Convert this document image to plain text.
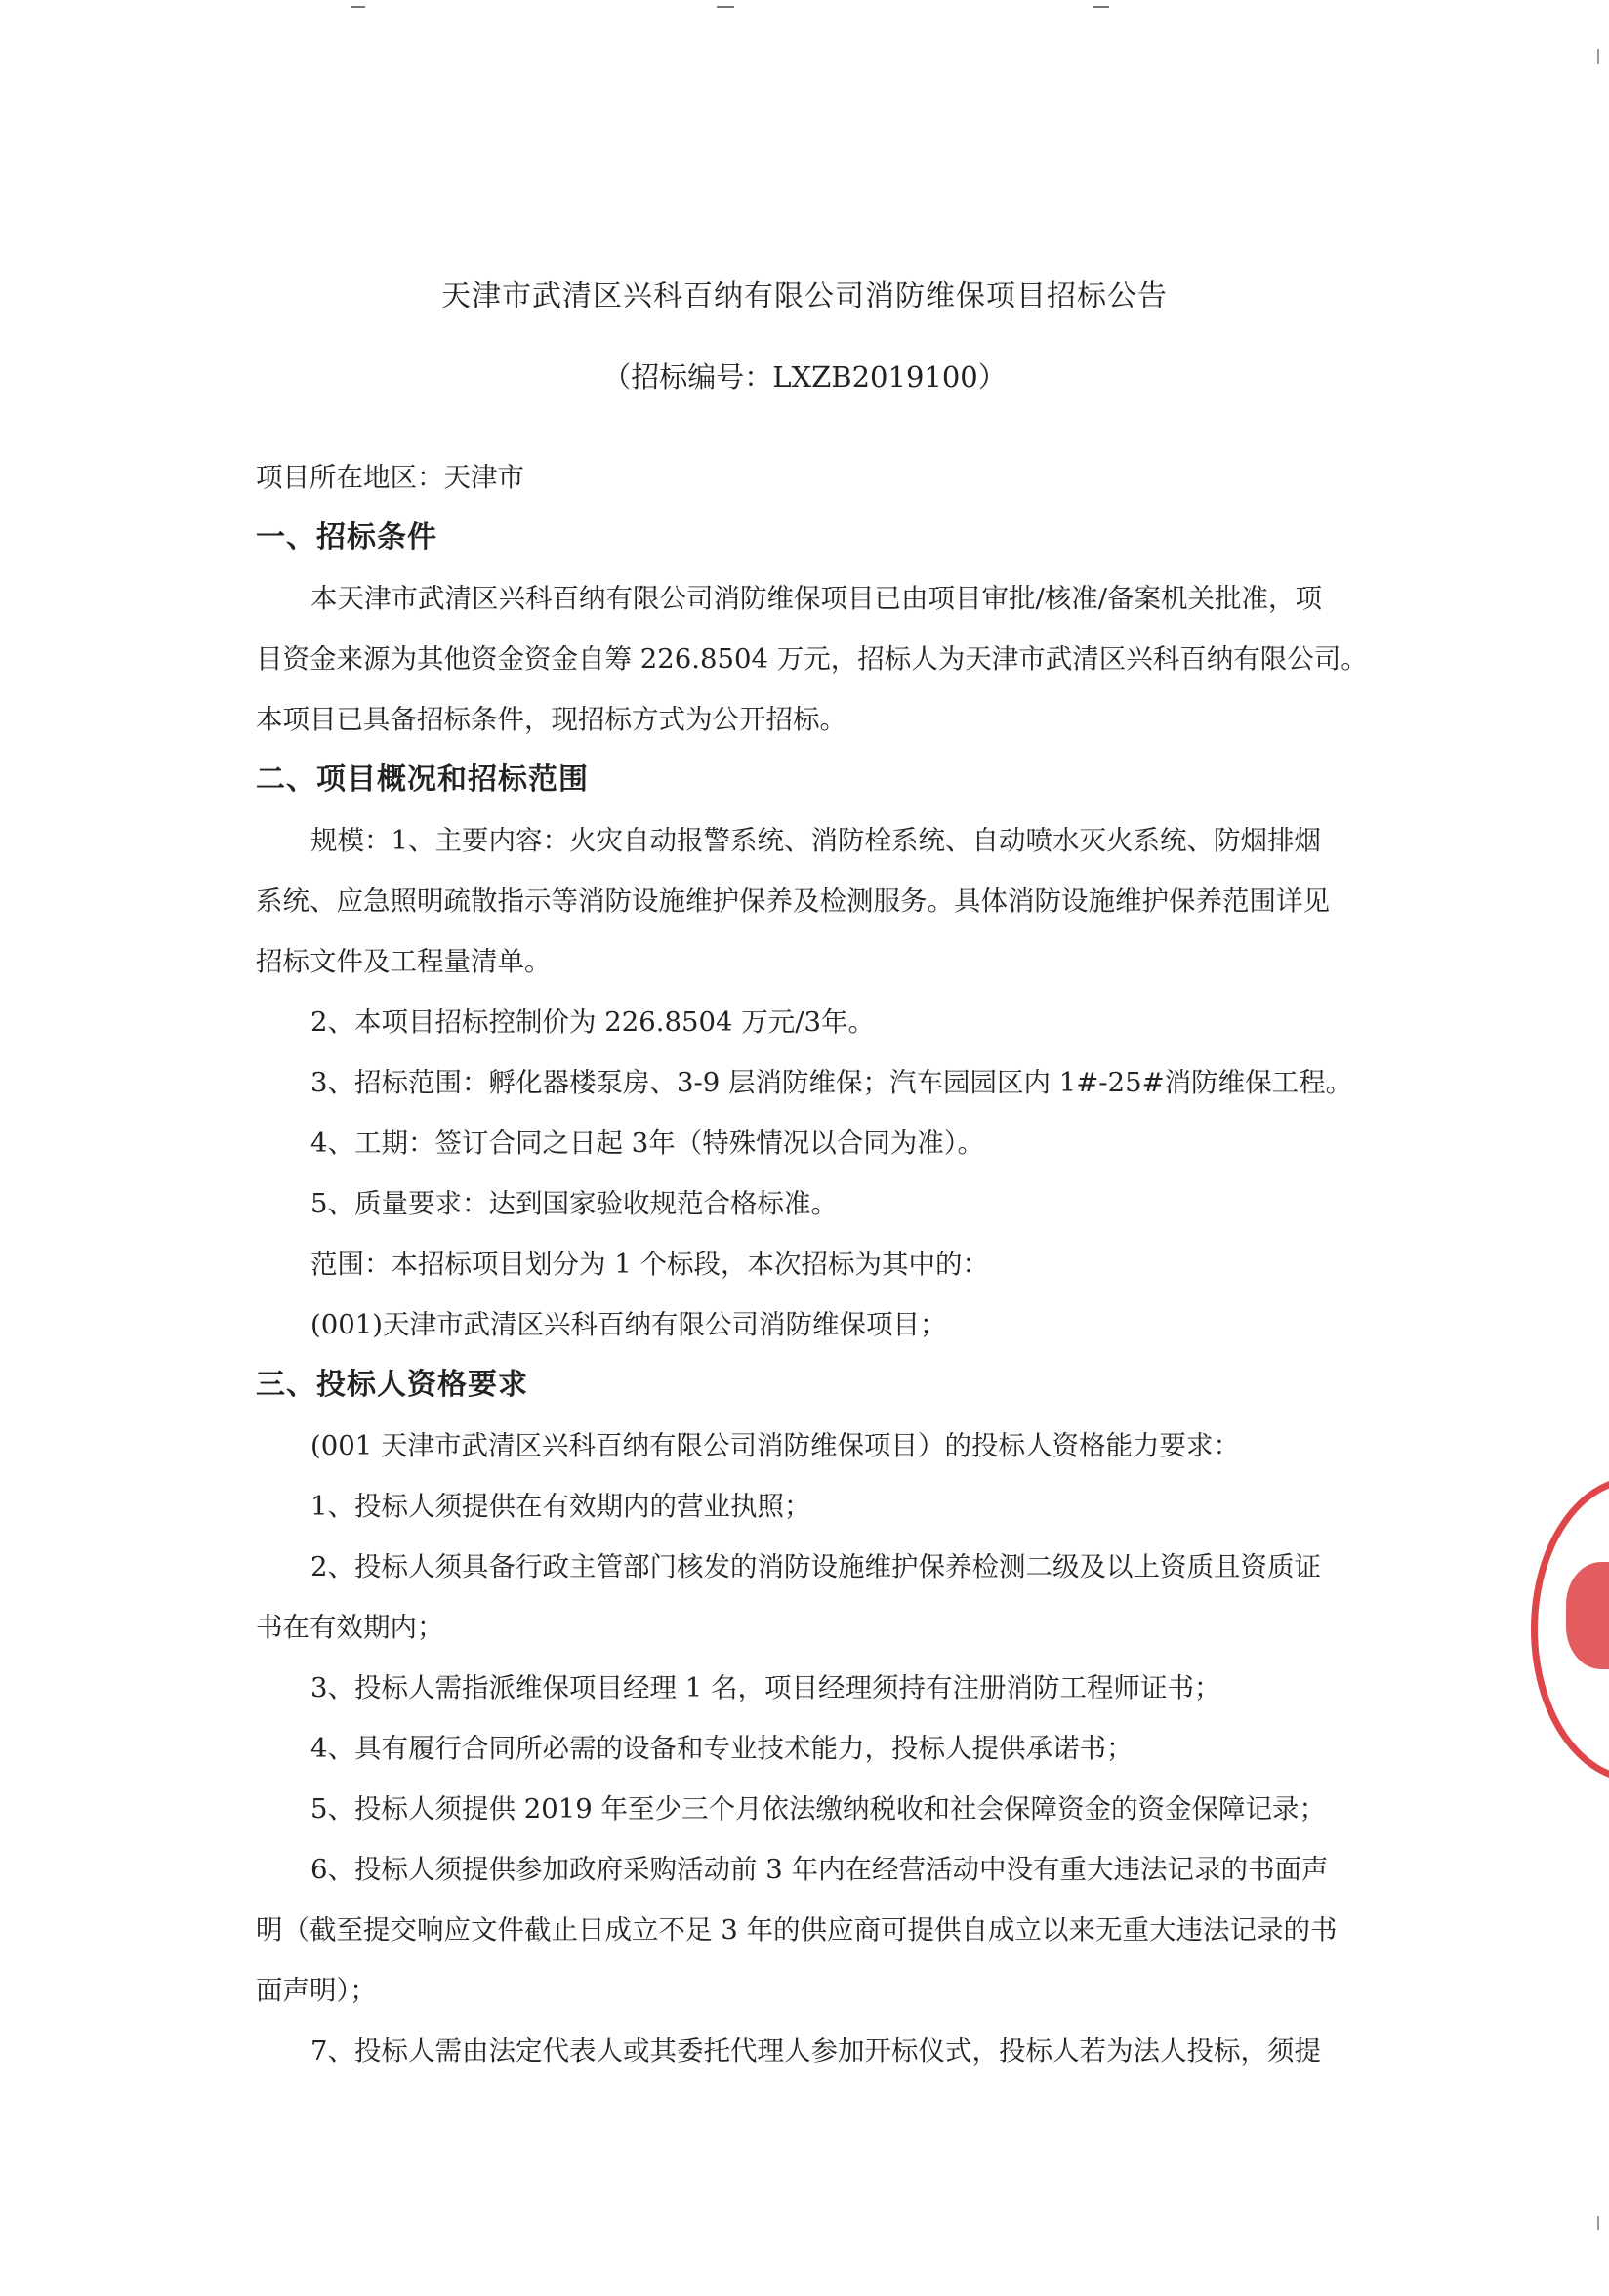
天津市武清区兴科百纳有限公司消防维保项目招标公告
（招标编号：LXZB2019100）
项目所在地区：天津市
一、招标条件
本天津市武清区兴科百纳有限公司消防维保项目已由项目审批/核准/备案机关批准，项
目资金来源为其他资金资金自筹 226.8504 万元，招标人为天津市武清区兴科百纳有限公司。
本项目已具备招标条件，现招标方式为公开招标。
二、项目概况和招标范围
规模：1、主要内容：火灾自动报警系统、消防栓系统、自动喷水灭火系统、防烟排烟
系统、应急照明疏散指示等消防设施维护保养及检测服务。具体消防设施维护保养范围详见
招标文件及工程量清单。
2、本项目招标控制价为 226.8504 万元/3年。
3、招标范围：孵化器楼泵房、3-9 层消防维保；汽车园园区内 1#-25#消防维保工程。
4、工期：签订合同之日起 3年（特殊情况以合同为准）。
5、质量要求：达到国家验收规范合格标准。
范围：本招标项目划分为 1 个标段，本次招标为其中的：
(001)天津市武清区兴科百纳有限公司消防维保项目；
三、投标人资格要求
(001 天津市武清区兴科百纳有限公司消防维保项目）的投标人资格能力要求：
1、投标人须提供在有效期内的营业执照；
2、投标人须具备行政主管部门核发的消防设施维护保养检测二级及以上资质且资质证
书在有效期内；
3、投标人需指派维保项目经理 1 名，项目经理须持有注册消防工程师证书；
4、具有履行合同所必需的设备和专业技术能力，投标人提供承诺书；
5、投标人须提供 2019 年至少三个月依法缴纳税收和社会保障资金的资金保障记录；
6、投标人须提供参加政府采购活动前 3 年内在经营活动中没有重大违法记录的书面声
明（截至提交响应文件截止日成立不足 3 年的供应商可提供自成立以来无重大违法记录的书
面声明）；
7、投标人需由法定代表人或其委托代理人参加开标仪式，投标人若为法人投标，须提
